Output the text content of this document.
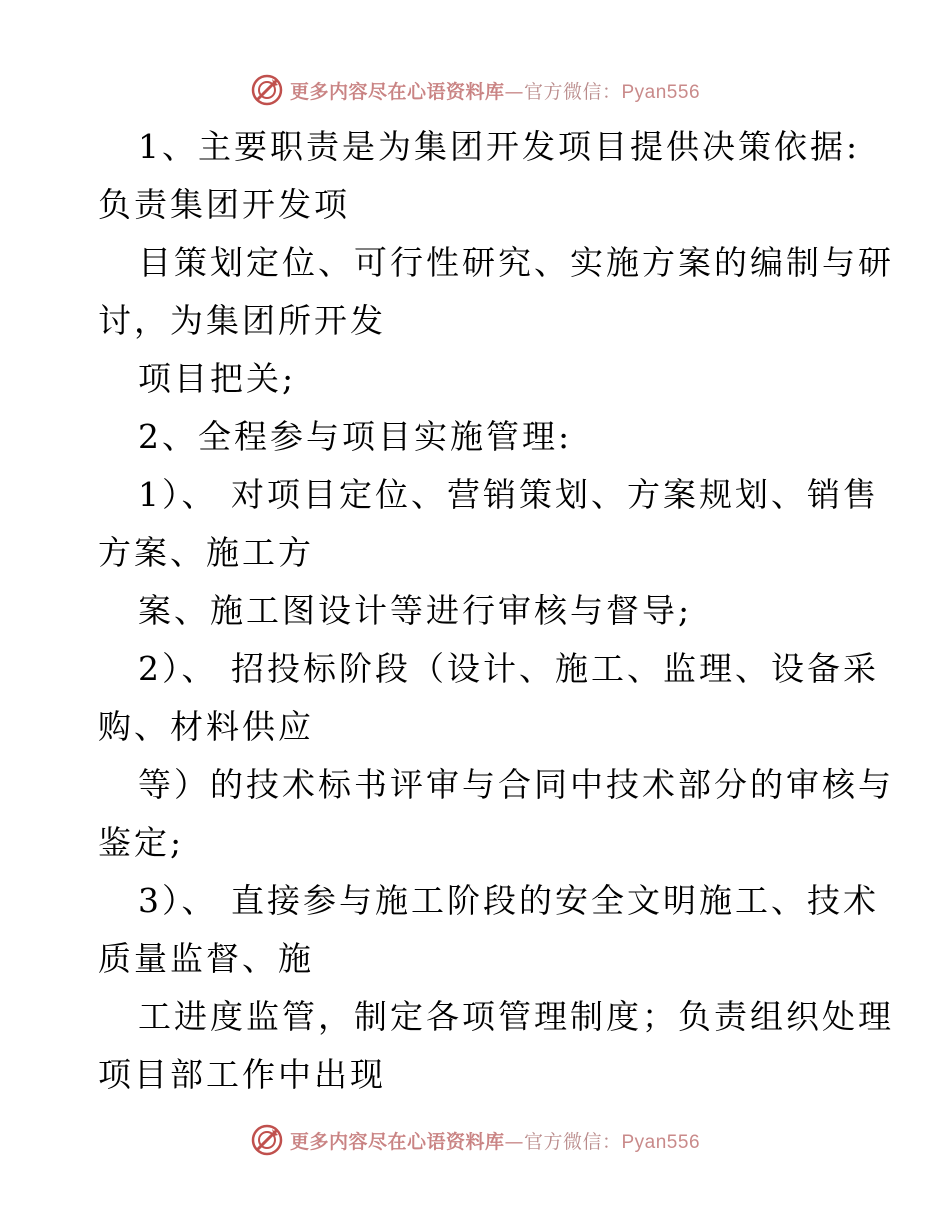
更多内容尽在心语资料库—官方微信：Pyan556
1、主要职责是为集团开发项目提供决策依据:
负责集团开发项
目策划定位、可行性研究、实施方案的编制与研
讨，为集团所开发
项目把关;
2、全程参与项目实施管理:
1）、 对项目定位、营销策划、方案规划、销售
方案、施工方
案、施工图设计等进行审核与督导;
2）、 招投标阶段（设计、施工、监理、设备采
购、材料供应
等）的技术标书评审与合同中技术部分的审核与
鉴定;
3）、 直接参与施工阶段的安全文明施工、技术
质量监督、施
工进度监管，制定各项管理制度；负责组织处理
项目部工作中出现
更多内容尽在心语资料库—官方微信：Pyan556
